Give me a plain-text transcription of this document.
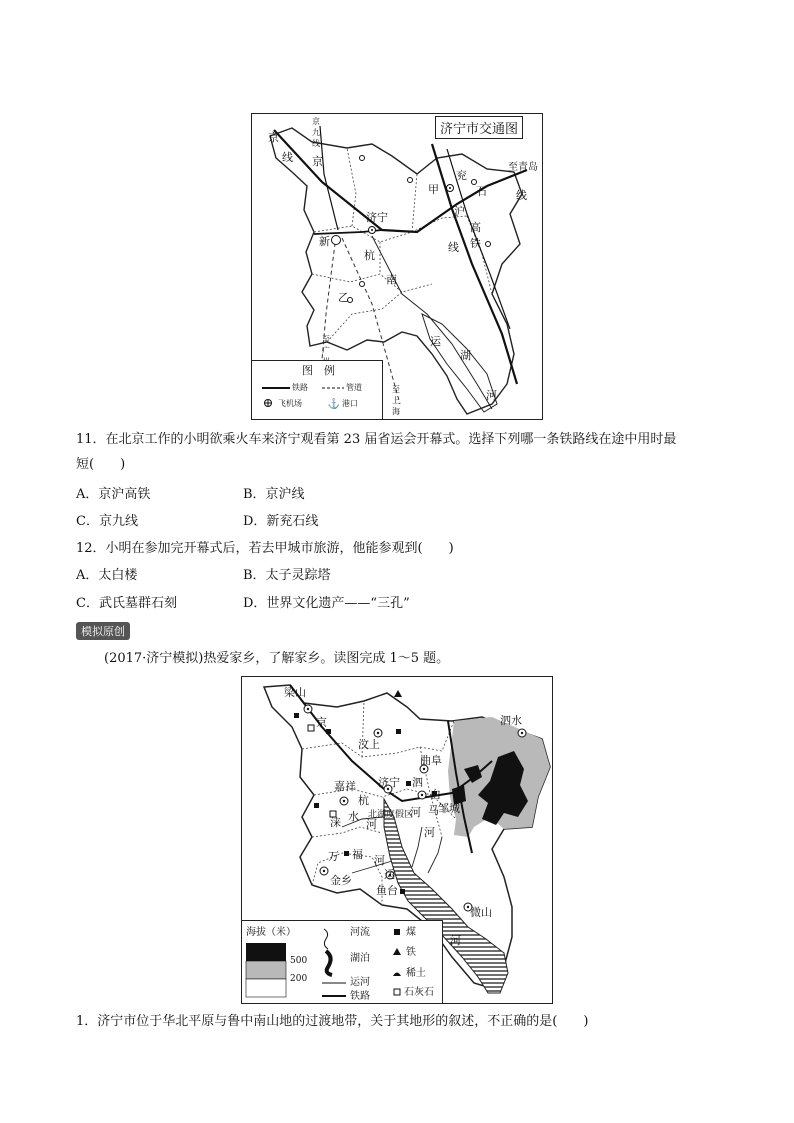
济宁市交通图
线 京
京
京九线
济宁
新
杭
乙
甲
兖
石	线
沪
高
铁
线
至青岛
南
运
湖
河
至广
至上海
图　例
⚓
铁路	管道
飞机场	港口
11．在北京工作的小明欲乘火车来济宁观看第 23 届省运会开幕式。选择下列哪一条铁路线在途中用时最
短(　　)
A．京沪高铁	B．京沪线
C．京九线	D．新兖石线
12．小明在参加完开幕式后，若去甲城市旅游，他能参观到(　　)
A．太白楼	B．太子灵踪塔
C．武氏墓群石刻	D．世界文化遗产——“三孔”
模拟原创
(2017·济宁模拟)热爱家乡，了解家乡。读图完成 1～5 题。
梁山
京
汶上
泗水
曲阜
嘉祥 济宁
杭
泗
白
邹城
马
河
河
北湖度假区
涞 水
河
万 福 河
金乡	运
鱼台
微山
河
海拔（米）
500
200
河流
湖泊
运河
铁路
煤
铁
稀土
石灰石
1．济宁市位于华北平原与鲁中南山地的过渡地带，关于其地形的叙述，不正确的是(　　)
